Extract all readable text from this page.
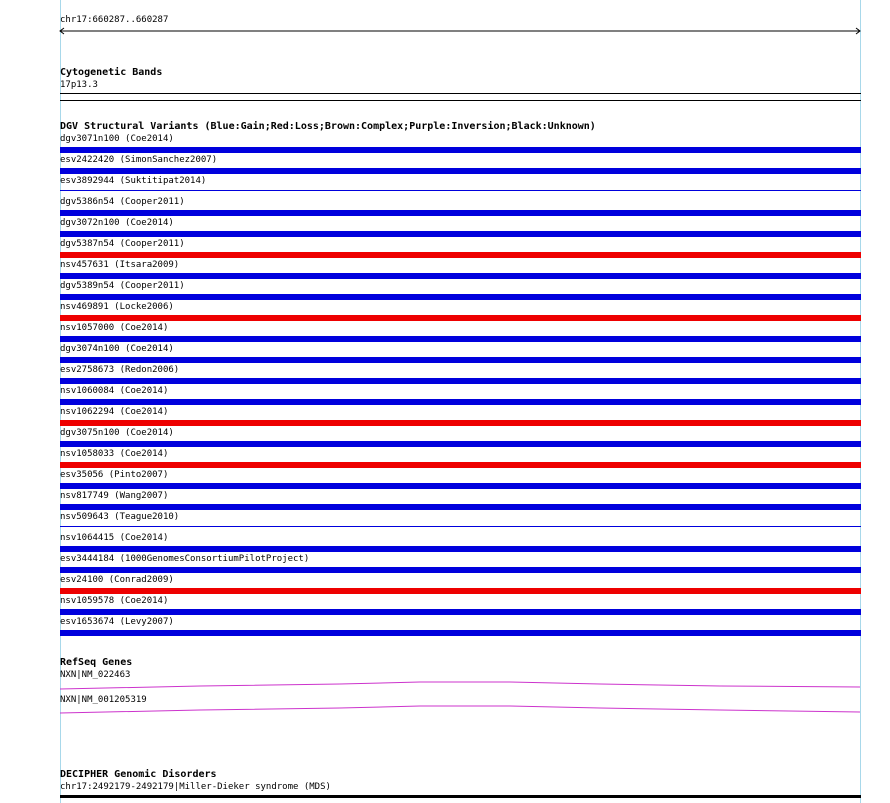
chr17:660287..660287
Cytogenetic Bands
17p13.3
DGV Structural Variants (Blue:Gain;Red:Loss;Brown:Complex;Purple:Inversion;Black:Unknown)
dgv3071n100 (Coe2014)
esv2422420 (SimonSanchez2007)
esv3892944 (Suktitipat2014)
dgv5386n54 (Cooper2011)
dgv3072n100 (Coe2014)
dgv5387n54 (Cooper2011)
nsv457631 (Itsara2009)
dgv5389n54 (Cooper2011)
nsv469891 (Locke2006)
nsv1057000 (Coe2014)
dgv3074n100 (Coe2014)
esv2758673 (Redon2006)
nsv1060084 (Coe2014)
nsv1062294 (Coe2014)
dgv3075n100 (Coe2014)
nsv1058033 (Coe2014)
esv35056 (Pinto2007)
nsv817749 (Wang2007)
nsv509643 (Teague2010)
nsv1064415 (Coe2014)
esv3444184 (1000GenomesConsortiumPilotProject)
esv24100 (Conrad2009)
nsv1059578 (Coe2014)
esv1653674 (Levy2007)
RefSeq Genes
NXN|NM_022463
NXN|NM_001205319
DECIPHER Genomic Disorders
chr17:2492179-2492179|Miller-Dieker syndrome (MDS)
